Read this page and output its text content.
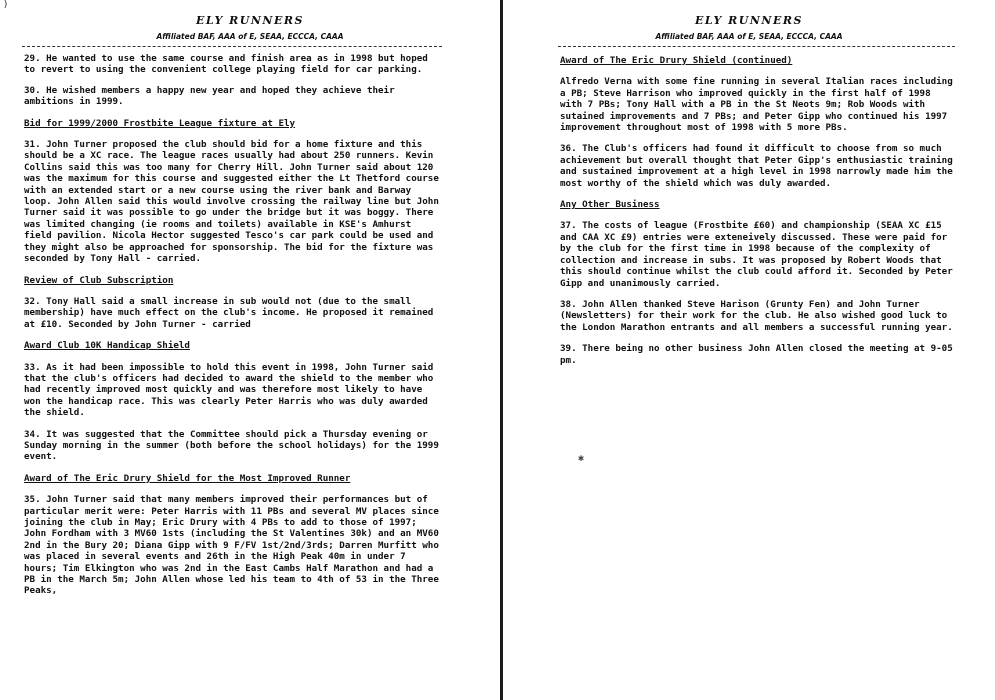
)
ELY RUNNERS
Affiliated BAF, AAA of E, SEAA, ECCCA, CAAA

29. He wanted to use the same course and finish area as in 1998 but hoped to revert to using the convenient college playing field for car parking.

30. He wished members a happy new year and hoped they achieve their ambitions in 1999.

Bid for 1999/2000 Frostbite League fixture at Ely

31. John Turner proposed the club should bid for a home fixture and this should be a XC race. The league races usually had about 250 runners. Kevin Collins said this was too many for Cherry Hill. John Turner said about 120 was the maximum for this course and suggested either the Lt Thetford course with an extended start or a new course using the river bank and Barway loop. John Allen said this would involve crossing the railway line but John Turner said it was possible to go under the bridge but it was boggy. There was limited changing (ie rooms and toilets) available in KSE's Amhurst field pavilion. Nicola Hector suggested Tesco's car park could be used and they might also be approached for sponsorship. The bid for the fixture was seconded by Tony Hall - carried.

Review of Club Subscription

32. Tony Hall said a small increase in sub would not (due to the small membership) have much effect on the club's income. He proposed it remained at £10. Seconded by John Turner - carried

Award Club 10K Handicap Shield

33. As it had been impossible to hold this event in 1998, John Turner said that the club's officers had decided to award the shield to the member who had recently improved most quickly and was therefore most likely to have won the handicap race. This was clearly Peter Harris who was duly awarded the shield.

34. It was suggested that the Committee should pick a Thursday evening or Sunday morning in the summer (both before the school holidays) for the 1999 event.

Award of The Eric Drury Shield for the Most Improved Runner

35. John Turner said that many members improved their performances but of particular merit were: Peter Harris with 11 PBs and several MV places since joining the club in May; Eric Drury with 4 PBs to add to those of 1997; John Fordham with 3 MV60 1sts (including the St Valentines 30k) and an MV60 2nd in the Bury 20; Diana Gipp with 9 F/FV 1st/2nd/3rds; Darren Murfitt who was placed in several events and 26th in the High Peak 40m in under 7 hours; Tim Elkington who was 2nd in the East Cambs Half Marathon and had a PB in the March 5m; John Allen whose led his team to 4th of 53 in the Three Peaks,

ELY RUNNERS
Affiliated BAF, AAA of E, SEAA, ECCCA, CAAA

Award of The Eric Drury Shield (continued)

Alfredo Verna with some fine running in several Italian races including a PB; Steve Harrison who improved quickly in the first half of 1998 with 7 PBs; Tony Hall with a PB in the St Neots 9m; Rob Woods with sutained improvements and 7 PBs; and Peter Gipp who continued his 1997 improvement throughout most of 1998 with 5 more PBs.

36. The Club's officers had found it difficult to choose from so much achievement but overall thought that Peter Gipp's enthusiastic training and sustained improvement at a high level in 1998 narrowly made him the most worthy of the shield which was duly awarded.

Any Other Business

37. The costs of league (Frostbite £60) and championship (SEAA XC £15 and CAA XC £9) entries were exteneively discussed. These were paid for by the club for the first time in 1998 because of the complexity of collection and increase in subs. It was proposed by Robert Woods that this should continue whilst the club could afford it. Seconded by Peter Gipp and unanimously carried.

38. John Allen thanked Steve Harison (Grunty Fen) and John Turner (Newsletters) for their work for the club. He also wished good luck to the London Marathon entrants and all members a successful running year.

39. There being no other business John Allen closed the meeting at 9-05 pm.

✱
